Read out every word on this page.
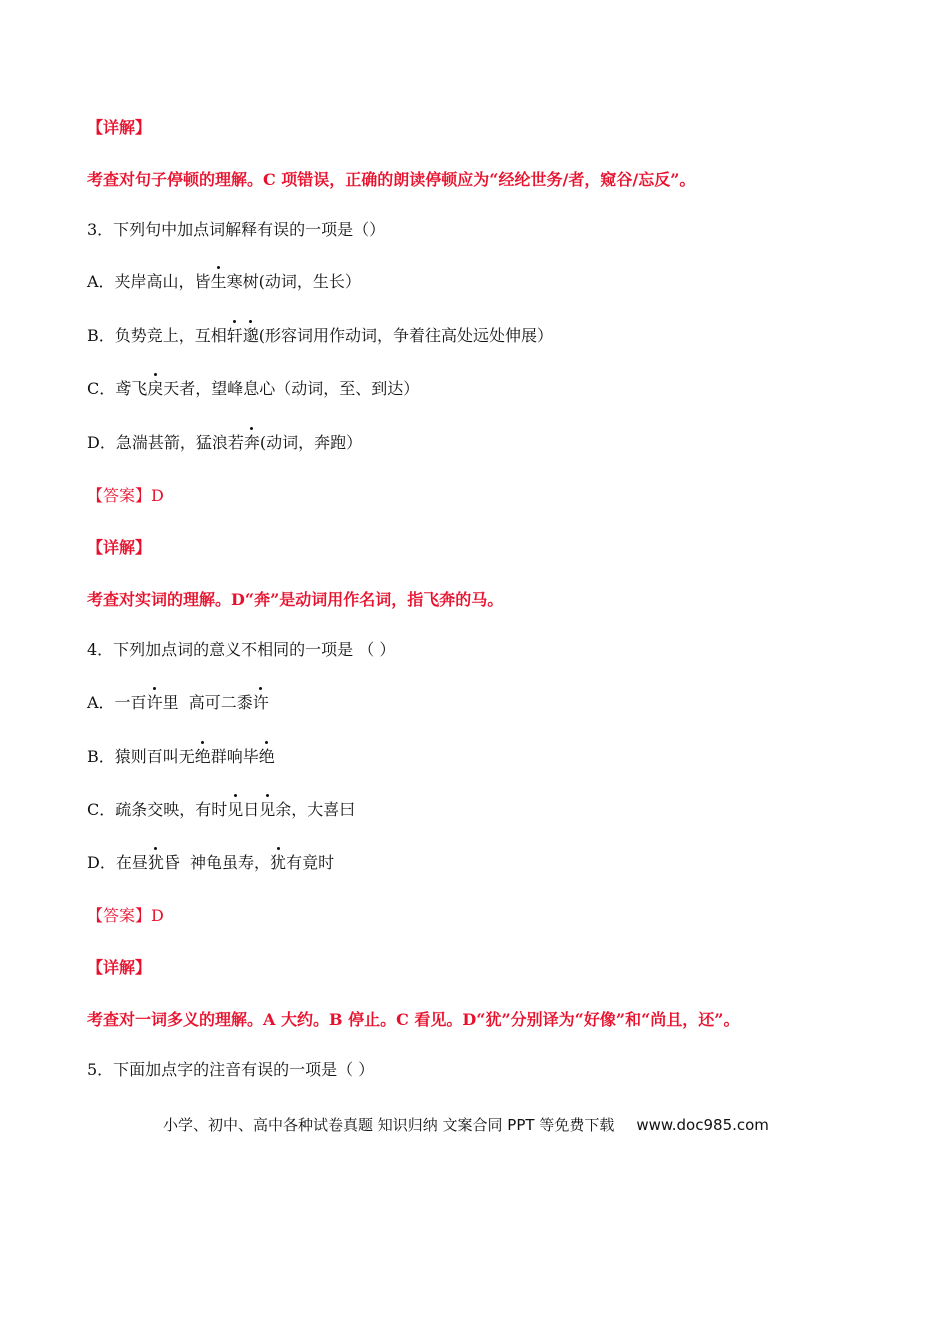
【详解】
考查对句子停顿的理解。C 项错误，正确的朗读停顿应为“经纶世务/者，窥谷/忘反”。
3．下列句中加点词解释有误的一项是（）
A．夹岸高山，皆生寒树(动词，生长）
B．负势竞上，互相轩邈(形容词用作动词，争着往高处远处伸展）
C．鸢飞戾天者，望峰息心（动词，至、到达）
D．急湍甚箭，猛浪若奔(动词，奔跑）
【答案】D
【详解】
考查对实词的理解。D“奔”是动词用作名词，指飞奔的马。
4．下列加点词的意义不相同的一项是 （ ）
A．一百许里  高可二黍许
B．猿则百叫无绝群响毕绝
C．疏条交映，有时见日见余，大喜曰
D．在昼犹昏  神龟虽寿，犹有竟时
【答案】D
【详解】
考查对一词多义的理解。A 大约。B 停止。C 看见。D“犹”分别译为“好像”和“尚且，还”。
5．下面加点字的注音有误的一项是（ ）
小学、初中、高中各种试卷真题 知识归纳 文案合同 PPT 等免费下载 www.doc985.com
